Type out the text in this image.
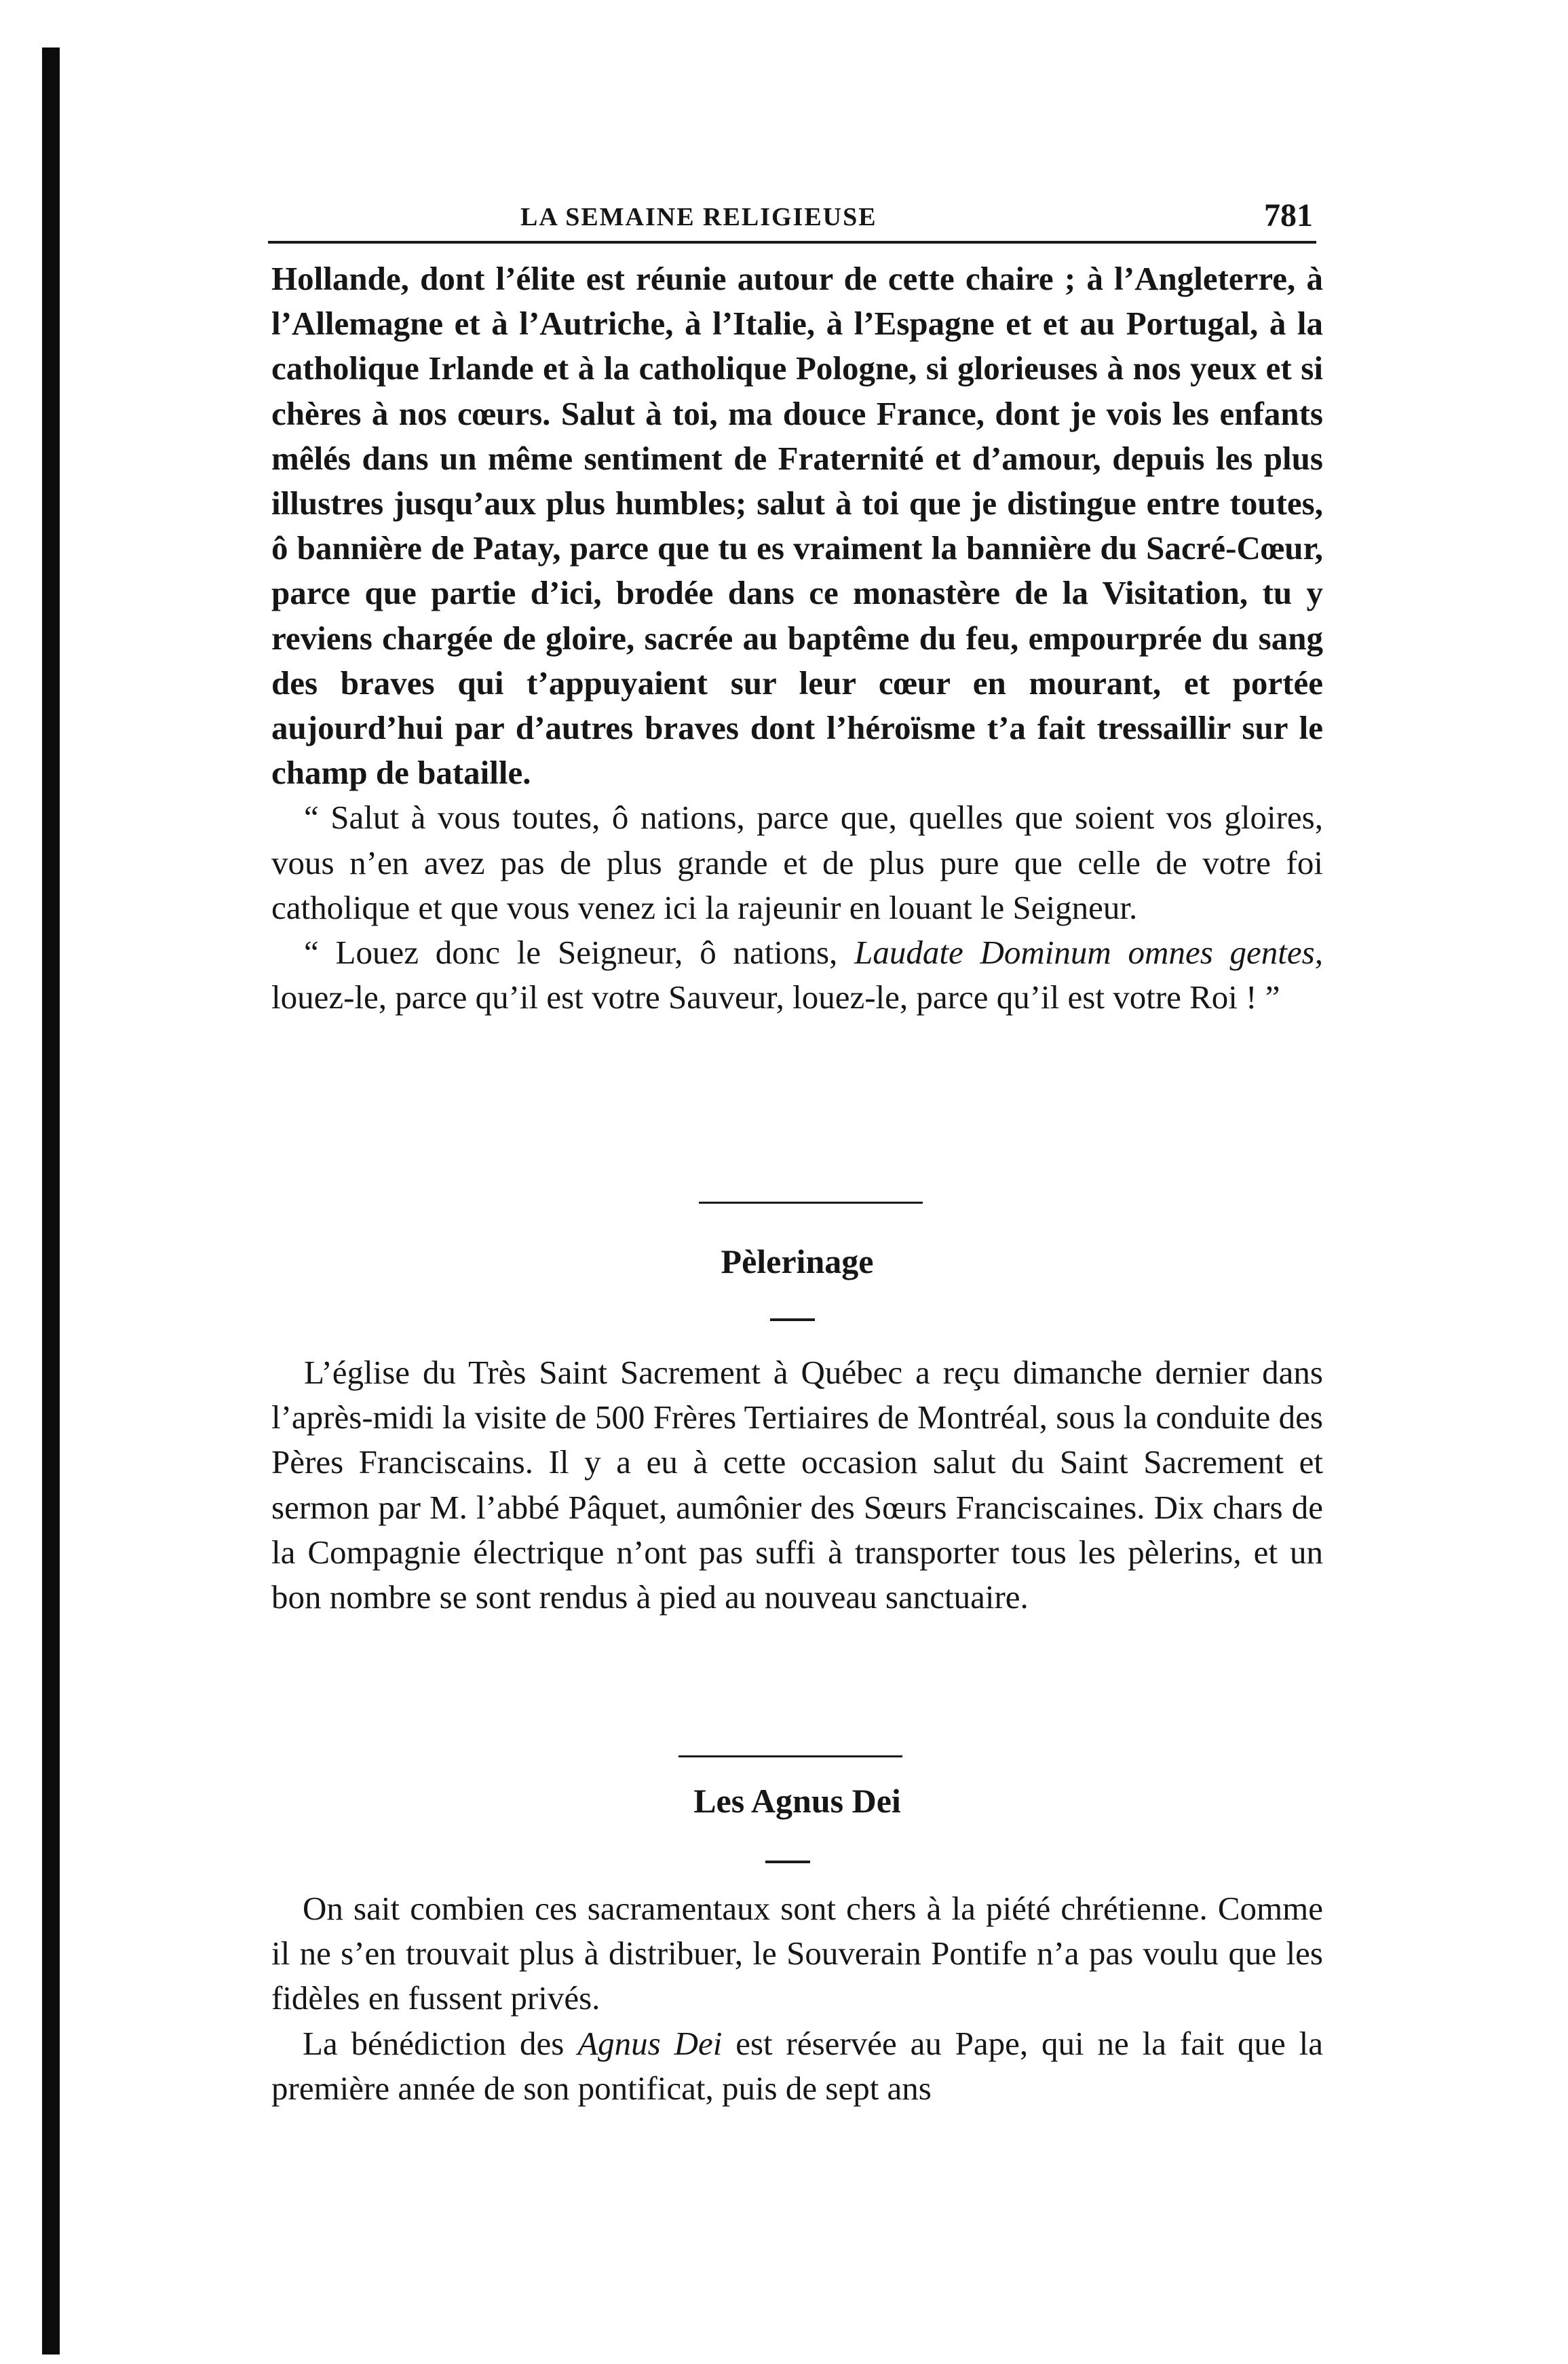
LA SEMAINE RELIGIEUSE	781

Hollande, dont l’élite est réunie autour de cette chaire ; à l’Angleterre, à l’Allemagne et à l’Autriche, à l’Italie, à l’Espagne et et au Portugal, à la catholique Irlande et à la catholique Pologne, si glorieuses à nos yeux et si chères à nos cœurs. Salut à toi, ma douce France, dont je vois les enfants mêlés dans un même sentiment de Fraternité et d’amour, depuis les plus illustres jusqu’aux plus humbles; salut à toi que je distingue entre toutes, ô bannière de Patay, parce que tu es vraiment la bannière du Sacré-Cœur, parce que partie d’ici, brodée dans ce monastère de la Visitation, tu y reviens chargée de gloire, sacrée au baptême du feu, empourprée du sang des braves qui t’appuyaient sur leur cœur en mourant, et portée aujourd’hui par d’autres braves dont l’héroïsme t’a fait tressaillir sur le champ de bataille.

“ Salut à vous toutes, ô nations, parce que, quelles que soient vos gloires, vous n’en avez pas de plus grande et de plus pure que celle de votre foi catholique et que vous venez ici la rajeunir en louant le Seigneur.

“ Louez donc le Seigneur, ô nations, Laudate Dominum omnes gentes, louez-le, parce qu’il est votre Sauveur, louez-le, parce qu’il est votre Roi ! ”

Pèlerinage

L’église du Très Saint Sacrement à Québec a reçu dimanche dernier dans l’après-midi la visite de 500 Frères Tertiaires de Montréal, sous la conduite des Pères Franciscains. Il y a eu à cette occasion salut du Saint Sacrement et sermon par M. l’abbé Pâquet, aumônier des Sœurs Franciscaines. Dix chars de la Compagnie électrique n’ont pas suffi à transporter tous les pèlerins, et un bon nombre se sont rendus à pied au nouveau sanctuaire.

Les Agnus Dei

On sait combien ces sacramentaux sont chers à la piété chrétienne. Comme il ne s’en trouvait plus à distribuer, le Souverain Pontife n’a pas voulu que les fidèles en fussent privés.

La bénédiction des Agnus Dei est réservée au Pape, qui ne la fait que la première année de son pontificat, puis de sept ans
